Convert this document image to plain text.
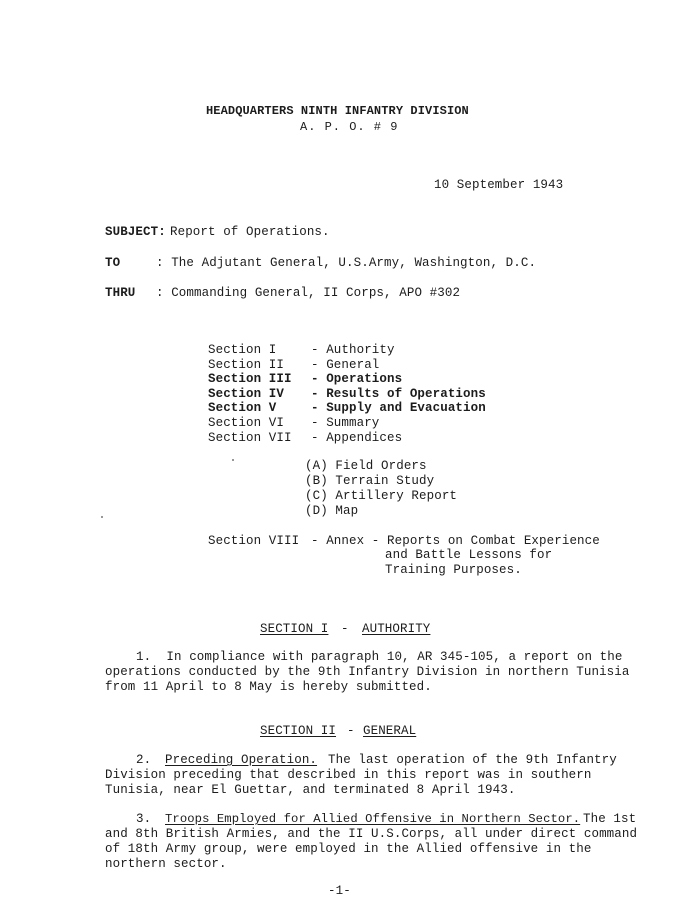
HEADQUARTERS NINTH INFANTRY DIVISION
A. P. O. # 9
10 September 1943
SUBJECT: Report of Operations.
TO	: The Adjutant General, U.S.Army, Washington, D.C.
THRU : Commanding General, II Corps, APO #302
Section I	- Authority
Section II - General
Section III - Operations
Section IV - Results of Operations
Section V	- Supply and Evacuation
Section VI - Summary
Section VII - Appendices
(A) Field Orders
(B) Terrain Study
(C) Artillery Report
(D) Map
Section VIII - Annex - Reports on Combat Experience
and Battle Lessons for
Training Purposes.
SECTION I - AUTHORITY
1.  In compliance with paragraph 10, AR 345-105, a report on the
operations conducted by the 9th Infantry Division in northern Tunisia
from 11 April to 8 May is hereby submitted.
SECTION II - GENERAL
2. Preceding Operation. The last operation of the 9th Infantry
Division preceding that described in this report was in southern
Tunisia, near El Guettar, and terminated 8 April 1943.
3. Troops Employed for Allied Offensive in Northern Sector. The 1st
and 8th British Armies, and the II U.S.Corps, all under direct command
of 18th Army group, were employed in the Allied offensive in the
northern sector.
-1-
